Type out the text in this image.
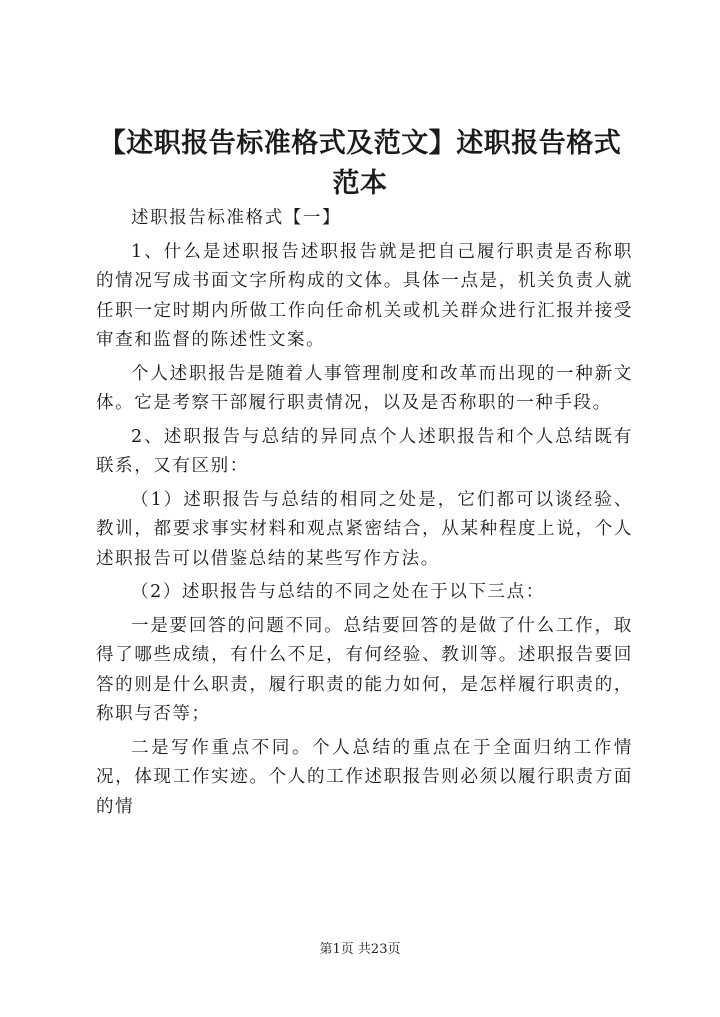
【述职报告标准格式及范文】述职报告格式范本

述职报告标准格式【一】

1、什么是述职报告述职报告就是把自己履行职责是否称职的情况写成书面文字所构成的文体。具体一点是，机关负责人就任职一定时期内所做工作向任命机关或机关群众进行汇报并接受审查和监督的陈述性文案。

个人述职报告是随着人事管理制度和改革而出现的一种新文体。它是考察干部履行职责情况，以及是否称职的一种手段。

2、述职报告与总结的异同点个人述职报告和个人总结既有联系，又有区别：

（1）述职报告与总结的相同之处是，它们都可以谈经验、教训，都要求事实材料和观点紧密结合，从某种程度上说，个人述职报告可以借鉴总结的某些写作方法。

（2）述职报告与总结的不同之处在于以下三点：

一是要回答的问题不同。总结要回答的是做了什么工作，取得了哪些成绩，有什么不足，有何经验、教训等。述职报告要回答的则是什么职责，履行职责的能力如何，是怎样履行职责的，称职与否等；

二是写作重点不同。个人总结的重点在于全面归纳工作情况，体现工作实迹。个人的工作述职报告则必须以履行职责方面的情

第1页 共23页
